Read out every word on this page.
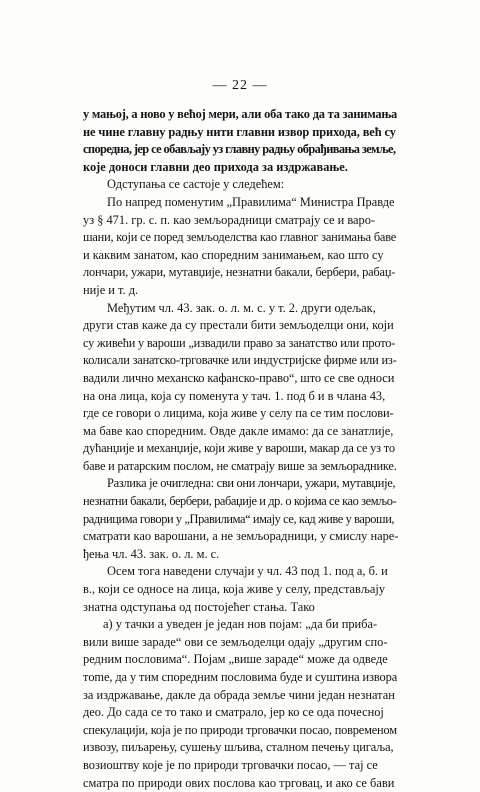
— 22 —
у мањој, а ново у већој мери, али оба тако да та занимања
не чине главну радњу нити главни извор прихода, већ су
споредна, јер се обављају уз главну радњу обрађивања земље,
које доноси главни део прихода за издржавање.
Одступања се састоје у следећем:
По напред поменутим „Правилима“ Министра Правде
уз § 471. гр. с. п. као земљорадници сматрају се и варо-
шани, који се поред земљоделства као главног занимања баве
и каквим занатом, као споредним занимањем, као што су
лончари, ужари, мутавџије, незнатни бакали, бербери, рабаџ-
није и т. д.
Међутим чл. 43. зак. о. л. м. с. у т. 2. други одељак,
други став каже да су престали бити земљоделци они, који
су живећи у вароши „извадили право за занатство или прото-
колисали занатско-трговачке или индустријске фирме или из-
вадили лично механско кафанско-право“, што се све односи
на она лица, која су поменута у тач. 1. под б и в члана 43,
где се говори о лицима, која живе у селу па се тим послови-
ма баве као споредним. Овде дакле имамо: да се занатлије,
дућанџије и механџије, који живе у вароши, макар да се уз то
баве и ратарским послом, не сматрају више за земљораднике.
Разлика је очигледна: сви они лончари, ужари, мутавџије,
незнатни бакали, бербери, рабаџије и др. о којима се као земљо-
радницима говори у „Правилима“ имају се, кад живе у вароши,
сматрати као варошани, а не земљорадници, у смислу наре-
ђења чл. 43. зак. о. л. м. с.
Осем тога наведени случаји у чл. 43 под 1. под а, б. и
в., који се односе на лица, која живе у селу, представљају
знатна одступања од постојећег стања. Тако
а) у тачки а уведен је један нов појам: „да би приба-
вили више зараде“ ови се земљоделци одају „другим спо-
редним пословима“. Појам „више зараде“ може да одведе
тome, да у тим споредним пословима буде и суштина извора
за издржавање, дакле да обрада земље чини један незнатан
део. До сада се то тако и сматрало, јер ко се ода почесној
спекулацији, која је по природи трговачки посао, повременом
извозу, пиљарењу, сушењу шљива, сталном печењу цигаља,
возиоштву које је по природи трговачки посао, — тај се
сматра по природи ових послова као трговац, и ако се бави
